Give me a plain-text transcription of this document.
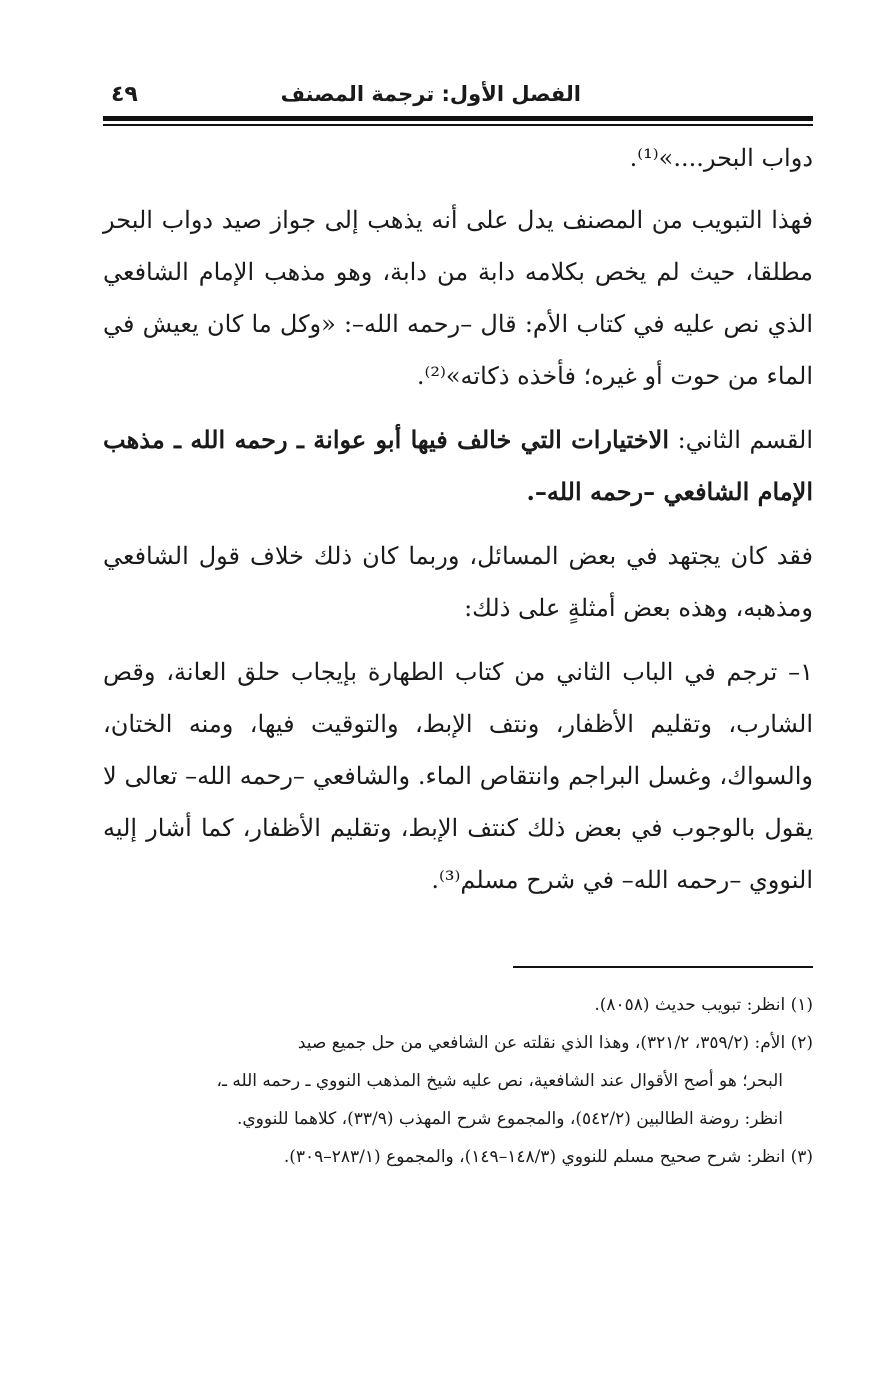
الفصل الأول: ترجمة المصنف
٤٩

دواب البحر....»⁽¹⁾.

فهذا التبويب من المصنف يدل على أنه يذهب إلى جواز صيد دواب البحر مطلقا، حيث لم يخص بكلامه دابة من دابة، وهو مذهب الإمام الشافعي الذي نص عليه في كتاب الأم: قال –رحمه الله–: «وكل ما كان يعيش في الماء من حوت أو غيره؛ فأخذه ذكاته»⁽²⁾.

القسم الثاني: الاختيارات التي خالف فيها أبو عوانة ـ رحمه الله ـ مذهب الإمام الشافعي –رحمه الله–.

فقد كان يجتهد في بعض المسائل، وربما كان ذلك خلاف قول الشافعي ومذهبه، وهذه بعض أمثلةٍ على ذلك:

١– ترجم في الباب الثاني من كتاب الطهارة بإيجاب حلق العانة، وقص الشارب، وتقليم الأظفار، ونتف الإبط، والتوقيت فيها، ومنه الختان، والسواك، وغسل البراجم وانتقاص الماء. والشافعي –رحمه الله– تعالى لا يقول بالوجوب في بعض ذلك كنتف الإبط، وتقليم الأظفار، كما أشار إليه النووي –رحمه الله– في شرح مسلم⁽³⁾.

(١) انظر: تبويب حديث (٨٠٥٨).

(٢) الأم: (٣٥٩/٢، ٣٢١/٢)، وهذا الذي نقلته عن الشافعي من حل جميع صيد

البحر؛ هو أصح الأقوال عند الشافعية، نص عليه شيخ المذهب النووي ـ رحمه الله ـ،

انظر: روضة الطالبين (٥٤٢/٢)، والمجموع شرح المهذب (٣٣/٩)، كلاهما للنووي.

(٣) انظر: شرح صحيح مسلم للنووي (١٤٨/٣–١٤٩)، والمجموع (٢٨٣/١–٣٠٩).
